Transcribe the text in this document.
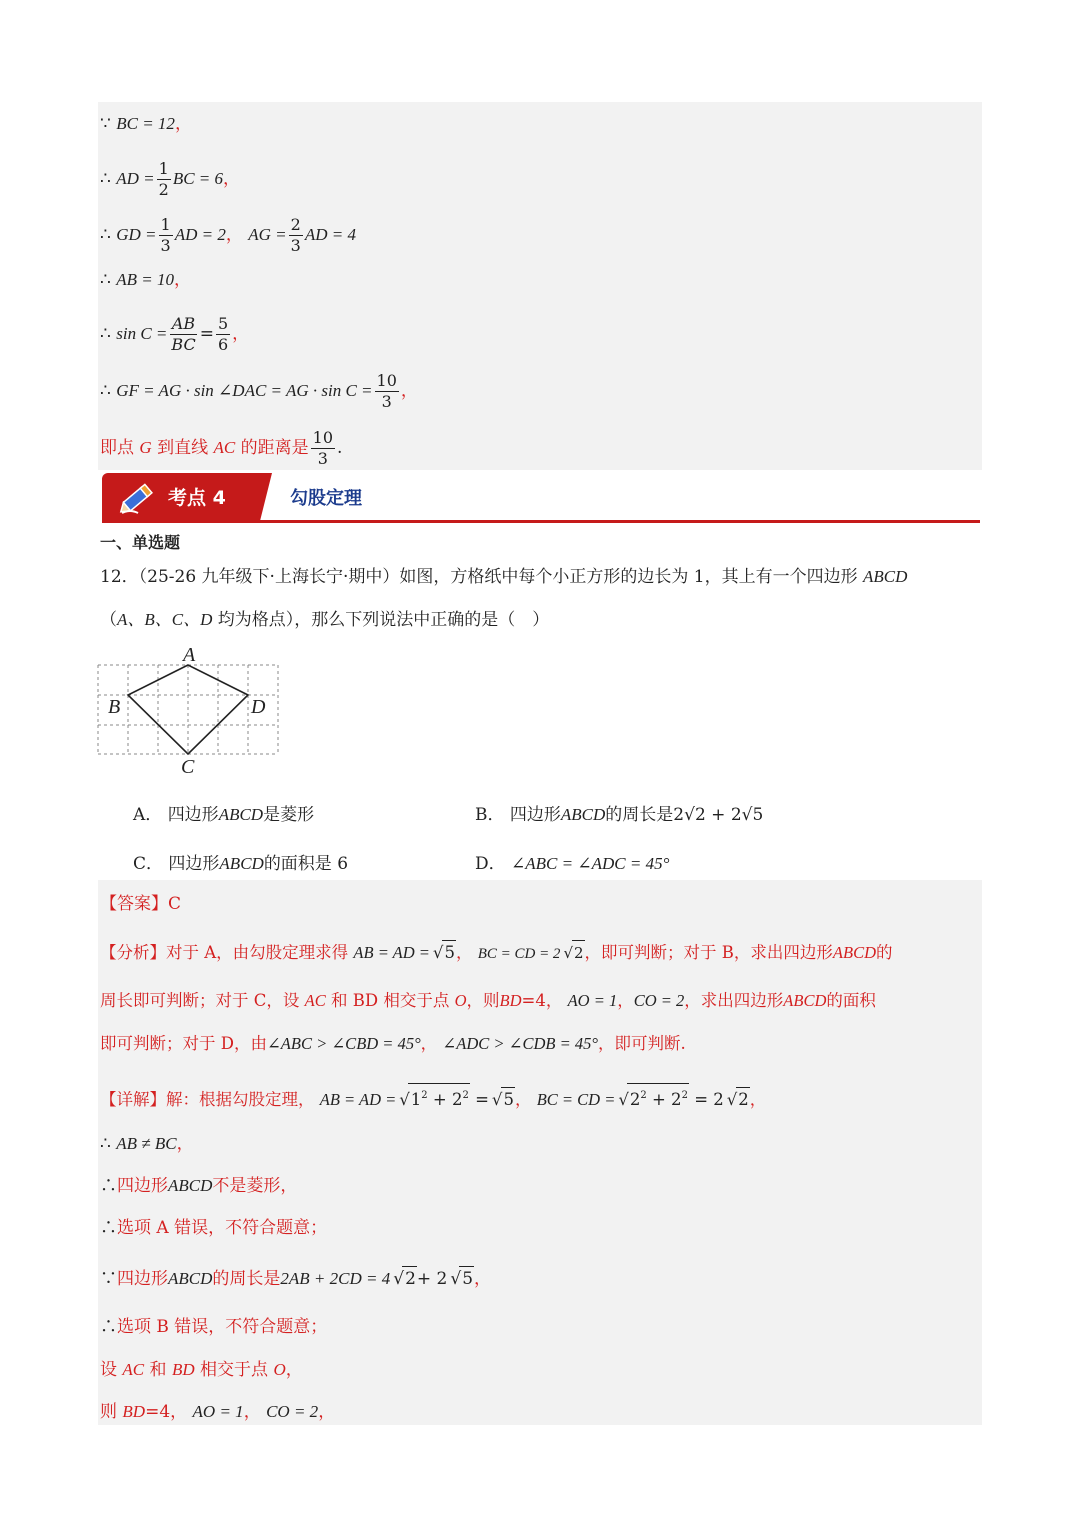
∵ BC = 12，
∴ AD = $\frac{1}{2}$ BC = 6，
∴ GD = $\frac{1}{3}$ AD = 2， AG = $\frac{2}{3}$ AD = 4
∴ AB = 10，
∴ $\sin C = \frac{AB}{BC} = \frac{5}{6}$ ，
∴ GF = AG · sin ∠DAC = AG · $\sin C = \frac{10}{3}$ ，
即点 G 到直线 AC 的距离是 $\frac{10}{3}$ .
考点 4	勾股定理
一、单选题
12．（25-26 九年级下·上海长宁·期中）如图，方格纸中每个小正方形的边长为 1，其上有一个四边形 ABCD
（A、B、C、D 均为格点），那么下列说法中正确的是（　）
A
B
C
D
A． 四边形ABCD是菱形	B． 四边形ABCD的周长是2√2 + 2√5
C． 四边形ABCD的面积是 6	D． ∠ABC = ∠ADC = 45°
【答案】C
【分析】对于 A，由勾股定理求得 AB = AD =√ 5， BC = CD = 2√ 2，即可判断；对于 B，求出四边形ABCD的
周长即可判断；对于 C，设 AC 和 BD 相交于点 O，则BD=4， AO = 1，CO = 2，求出四边形ABCD的面积
即可判断；对于 D，由∠ABC > ∠CBD = 45°， ∠ADC > ∠CDB = 45°，即可判断.
【详解】解：根据勾股定理， AB = AD =√ $1^2 + 2^2$ =√ 5， BC = CD =√ $2^2 + 2^2 = 2√$ 2，
∴ AB ≠ BC，
∴四边形ABCD不是菱形，
∴选项 A 错误，不符合题意；
∵四边形ABCD的周长是2AB + 2CD = 4√ 2+ 2√ 5，
∴选项 B 错误，不符合题意；
设 AC 和 BD 相交于点 O，
则 BD=4， AO = 1， CO = 2，
